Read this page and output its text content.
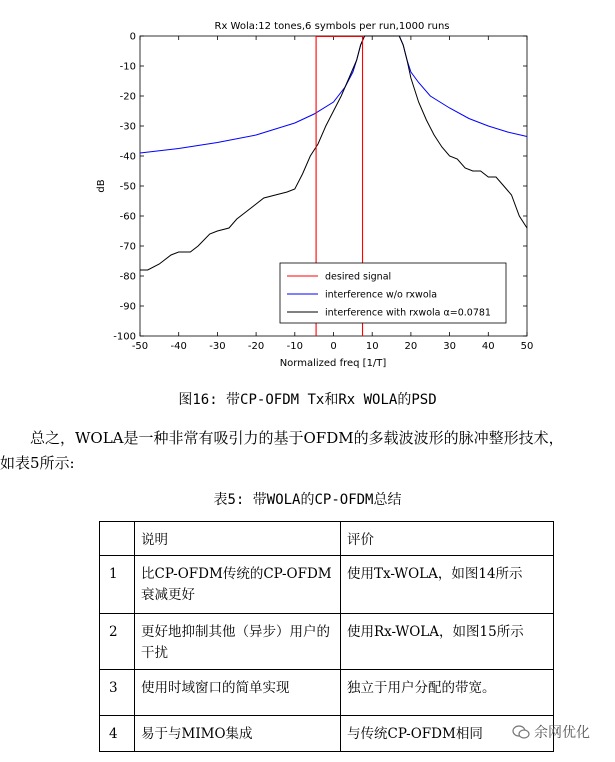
Rx Wola:12 tones,6 symbols per run,1000 runs
-50 -40 -30 -20 -10	0	10	20	30	40	50
0
-10
-20
-30
-40
-50
-60
-70
-80
-90
-100
Normalized freq [1/T]
dB
desired signal
interference w/o rxwola
interference with rxwola α=0.0781
图16: 带CP-OFDM Tx和Rx WOLA的PSD
总之，WOLA是一种非常有吸引力的基于OFDM的多载波波形的脉冲整形技术，
如表5所示:
表5: 带WOLA的CP-OFDM总结
	说明	评价
1	比CP-OFDM传统的CP-OFDM衰减更好	使用Tx-WOLA，如图14所示
2	更好地抑制其他（异步）用户的干扰	使用Rx-WOLA，如图15所示
3	使用时域窗口的简单实现	独立于用户分配的带宽。
4	易于与MIMO集成	与传统CP-OFDM相同	余网优化
